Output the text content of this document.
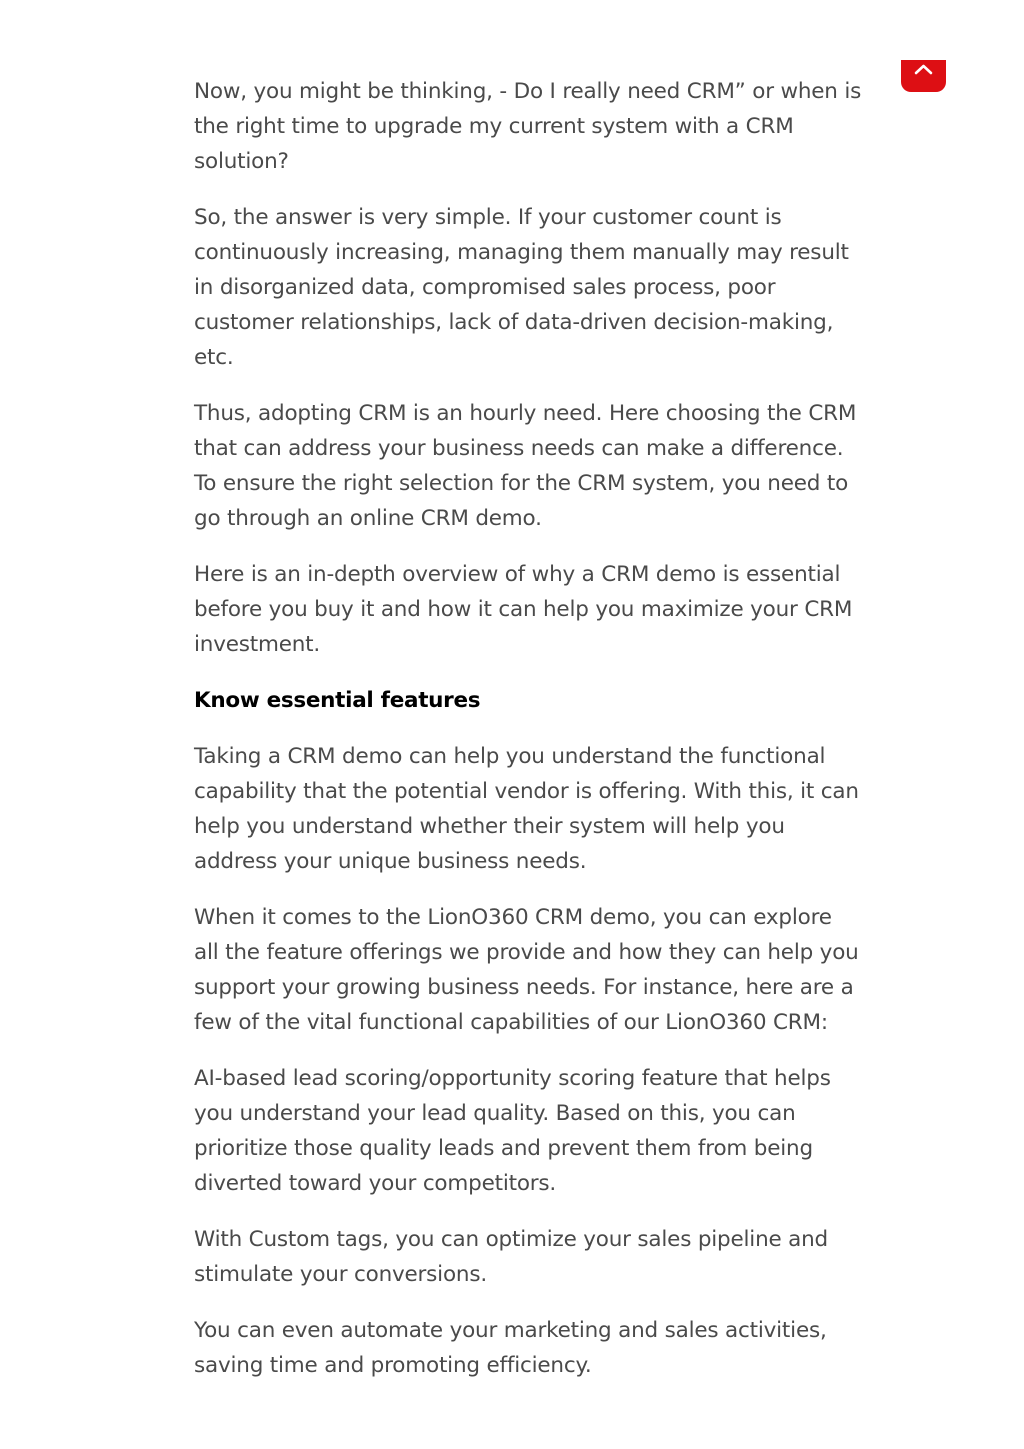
Now, you might be thinking, - Do I really need CRM” or when is the right time to upgrade my current system with a CRM solution?

So, the answer is very simple. If your customer count is continuously increasing, managing them manually may result in disorganized data, compromised sales process, poor customer relationships, lack of data-driven decision-making, etc.

Thus, adopting CRM is an hourly need. Here choosing the CRM that can address your business needs can make a difference. To ensure the right selection for the CRM system, you need to go through an online CRM demo.

Here is an in-depth overview of why a CRM demo is essential before you buy it and how it can help you maximize your CRM investment.

Know essential features

Taking a CRM demo can help you understand the functional capability that the potential vendor is offering. With this, it can help you understand whether their system will help you address your unique business needs.

When it comes to the LionO360 CRM demo, you can explore all the feature offerings we provide and how they can help you support your growing business needs. For instance, here are a few of the vital functional capabilities of our LionO360 CRM:

AI-based lead scoring/opportunity scoring feature that helps you understand your lead quality. Based on this, you can prioritize those quality leads and prevent them from being diverted toward your competitors.

With Custom tags, you can optimize your sales pipeline and stimulate your conversions.

You can even automate your marketing and sales activities, saving time and promoting efficiency.
